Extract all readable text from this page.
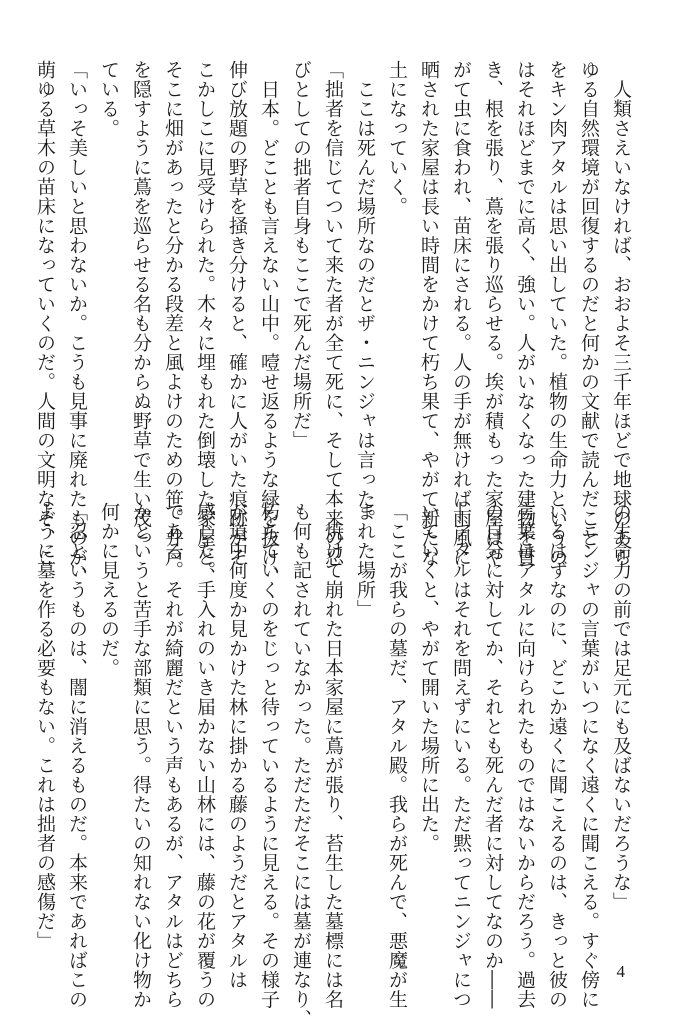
　人類さえいなければ、おおよそ三千年ほどで地球のあら
ゆる自然環境が回復するのだと何かの文献で読んだこと
をキン肉アタルは思い出していた。植物の生命力というの
はそれほどまでに高く、強い。人がいなくなった建物を貫
き、根を張り、蔦を張り巡らせる。埃が積もった家屋はや
がて虫に食われ、苗床にされる。人の手が無ければ雨風に
晒された家屋は長い時間をかけて朽ち果て、やがて新たな
土になっていく。
　ここは死んだ場所なのだとザ・ニンジャは言った。
「拙者を信じてついて来た者が全て死に、そして本来の忍
びとしての拙者自身もここで死んだ場所だ」
　日本。どことも言えない山中。噎せ返るような緑を抜け、
伸び放題の野草を掻き分けると、確かに人がいた痕跡がそ
こかしこに見受けられた。木々に埋もれた倒壊した家屋と、
そこに畑があったと分かる段差と風よけのための笹。井戸
を隠すように蔦を巡らせる名も分からぬ野草で生い茂っ
ている。
「いっそ美しいと思わないか。こうも見事に廃れたものが、
萌ゆる草木の苗床になっていくのだ。人間の文明なぞ、こ
の生命力の前では足元にも及ばないだろうな」
　ニンジャの言葉がいつになく遠くに聞こえる。すぐ傍に
いるはずなのに、どこか遠くに聞こえるのは、きっと彼の
言葉はアタルに向けられたものではないからだろう。過去
の自分に対してか、それとも死んだ者に対してなのか――
―アタルはそれを問えずにいる。ただ黙ってニンジャにつ
いていくと、やがて開いた場所に出た。
「ここが我らの墓だ、アタル殿。我らが死んで、悪魔が生
まれた場所」
　焼けて崩れた日本家屋に蔦が張り、苔生した墓標には名
も何も記されていなかった。ただただそこには墓が連なり、
朽ちていくのをじっと待っているように見える。その様子
が道中何度か見かけた林に掛かる藤のようだとアタルは
感じた。手入れのいき届かない山林には、藤の花が覆うの
である。それが綺麗だという声もあるが、アタルはどちら
かというと苦手な部類に思う。得たいの知れない化け物か
何かに見えるのだ。
「忍というものは、闇に消えるものだ。本来であればこの
ように墓を作る必要もない。これは拙者の感傷だ」
4
